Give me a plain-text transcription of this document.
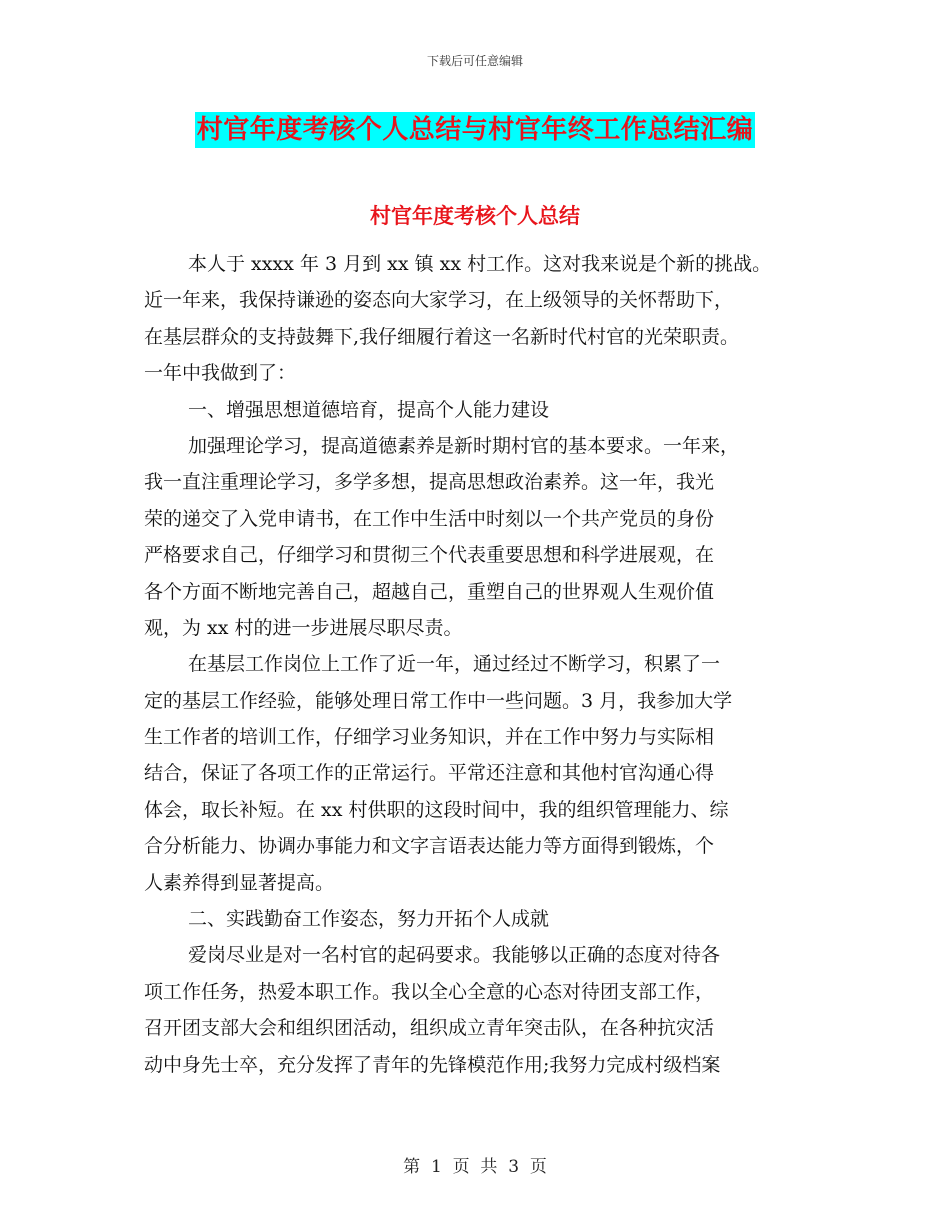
下载后可任意编辑
村官年度考核个人总结与村官年终工作总结汇编
村官年度考核个人总结
本人于 xxxx 年 3 月到 xx 镇 xx 村工作。这对我来说是个新的挑战。
近一年来，我保持谦逊的姿态向大家学习，在上级领导的关怀帮助下，
在基层群众的支持鼓舞下,我仔细履行着这一名新时代村官的光荣职责。
一年中我做到了：
一、增强思想道德培育，提高个人能力建设
加强理论学习，提高道德素养是新时期村官的基本要求。一年来，
我一直注重理论学习，多学多想，提高思想政治素养。这一年，我光
荣的递交了入党申请书，在工作中生活中时刻以一个共产党员的身份
严格要求自己，仔细学习和贯彻三个代表重要思想和科学进展观，在
各个方面不断地完善自己，超越自己，重塑自己的世界观人生观价值
观，为 xx 村的进一步进展尽职尽责。
在基层工作岗位上工作了近一年，通过经过不断学习，积累了一
定的基层工作经验，能够处理日常工作中一些问题。3 月，我参加大学
生工作者的培训工作，仔细学习业务知识，并在工作中努力与实际相
结合，保证了各项工作的正常运行。平常还注意和其他村官沟通心得
体会，取长补短。在 xx 村供职的这段时间中，我的组织管理能力、综
合分析能力、协调办事能力和文字言语表达能力等方面得到锻炼，个
人素养得到显著提高。
二、实践勤奋工作姿态，努力开拓个人成就
爱岗尽业是对一名村官的起码要求。我能够以正确的态度对待各
项工作任务，热爱本职工作。我以全心全意的心态对待团支部工作，
召开团支部大会和组织团活动，组织成立青年突击队，在各种抗灾活
动中身先士卒，充分发挥了青年的先锋模范作用;我努力完成村级档案
第  1  页  共  3  页
